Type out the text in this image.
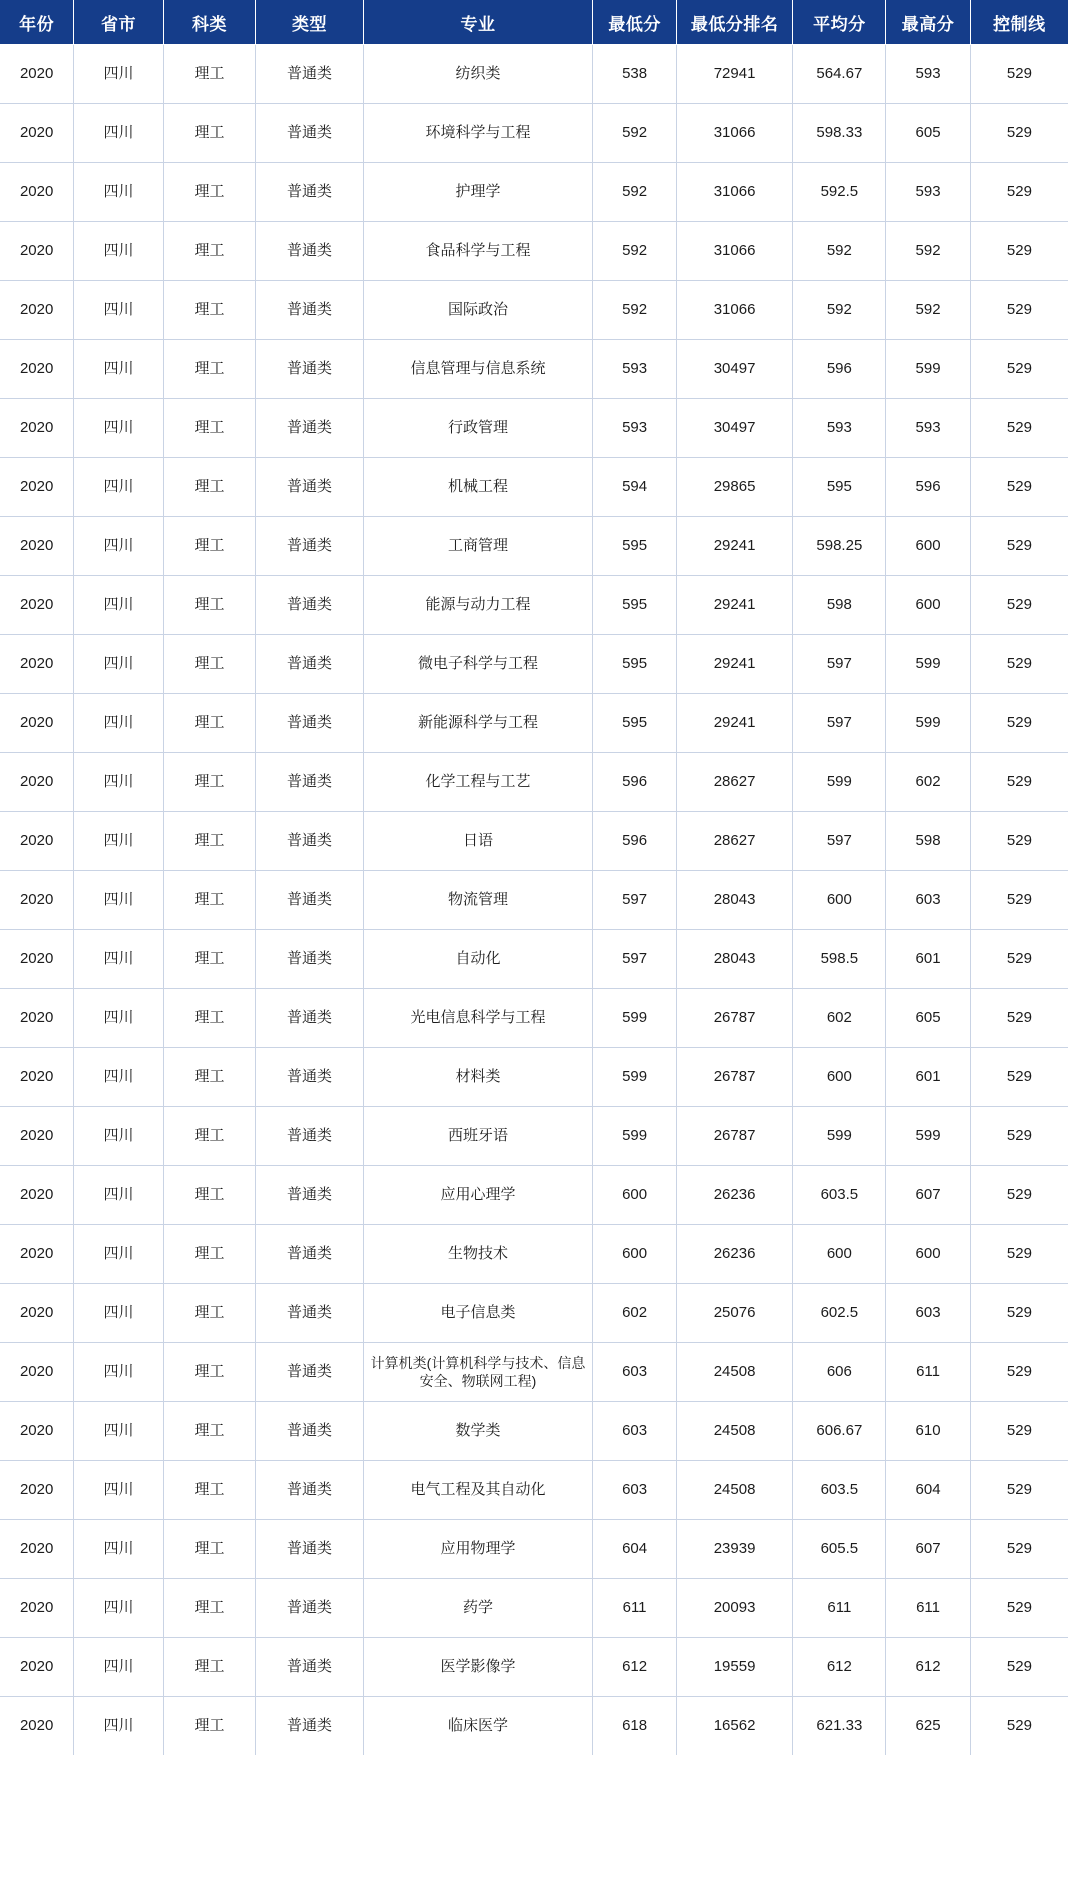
年份	省市	科类	类型	专业	最低分	最低分排名	平均分	最高分	控制线
2020	四川	理工	普通类	纺织类	538	72941	564.67	593	529
2020	四川	理工	普通类	环境科学与工程	592	31066	598.33	605	529
2020	四川	理工	普通类	护理学	592	31066	592.5	593	529
2020	四川	理工	普通类	食品科学与工程	592	31066	592	592	529
2020	四川	理工	普通类	国际政治	592	31066	592	592	529
2020	四川	理工	普通类	信息管理与信息系统	593	30497	596	599	529
2020	四川	理工	普通类	行政管理	593	30497	593	593	529
2020	四川	理工	普通类	机械工程	594	29865	595	596	529
2020	四川	理工	普通类	工商管理	595	29241	598.25	600	529
2020	四川	理工	普通类	能源与动力工程	595	29241	598	600	529
2020	四川	理工	普通类	微电子科学与工程	595	29241	597	599	529
2020	四川	理工	普通类	新能源科学与工程	595	29241	597	599	529
2020	四川	理工	普通类	化学工程与工艺	596	28627	599	602	529
2020	四川	理工	普通类	日语	596	28627	597	598	529
2020	四川	理工	普通类	物流管理	597	28043	600	603	529
2020	四川	理工	普通类	自动化	597	28043	598.5	601	529
2020	四川	理工	普通类	光电信息科学与工程	599	26787	602	605	529
2020	四川	理工	普通类	材料类	599	26787	600	601	529
2020	四川	理工	普通类	西班牙语	599	26787	599	599	529
2020	四川	理工	普通类	应用心理学	600	26236	603.5	607	529
2020	四川	理工	普通类	生物技术	600	26236	600	600	529
2020	四川	理工	普通类	电子信息类	602	25076	602.5	603	529
2020	四川	理工	普通类	计算机类(计算机科学与技术、信息安全、物联网工程)	603	24508	606	611	529
2020	四川	理工	普通类	数学类	603	24508	606.67	610	529
2020	四川	理工	普通类	电气工程及其自动化	603	24508	603.5	604	529
2020	四川	理工	普通类	应用物理学	604	23939	605.5	607	529
2020	四川	理工	普通类	药学	611	20093	611	611	529
2020	四川	理工	普通类	医学影像学	612	19559	612	612	529
2020	四川	理工	普通类	临床医学	618	16562	621.33	625	529
